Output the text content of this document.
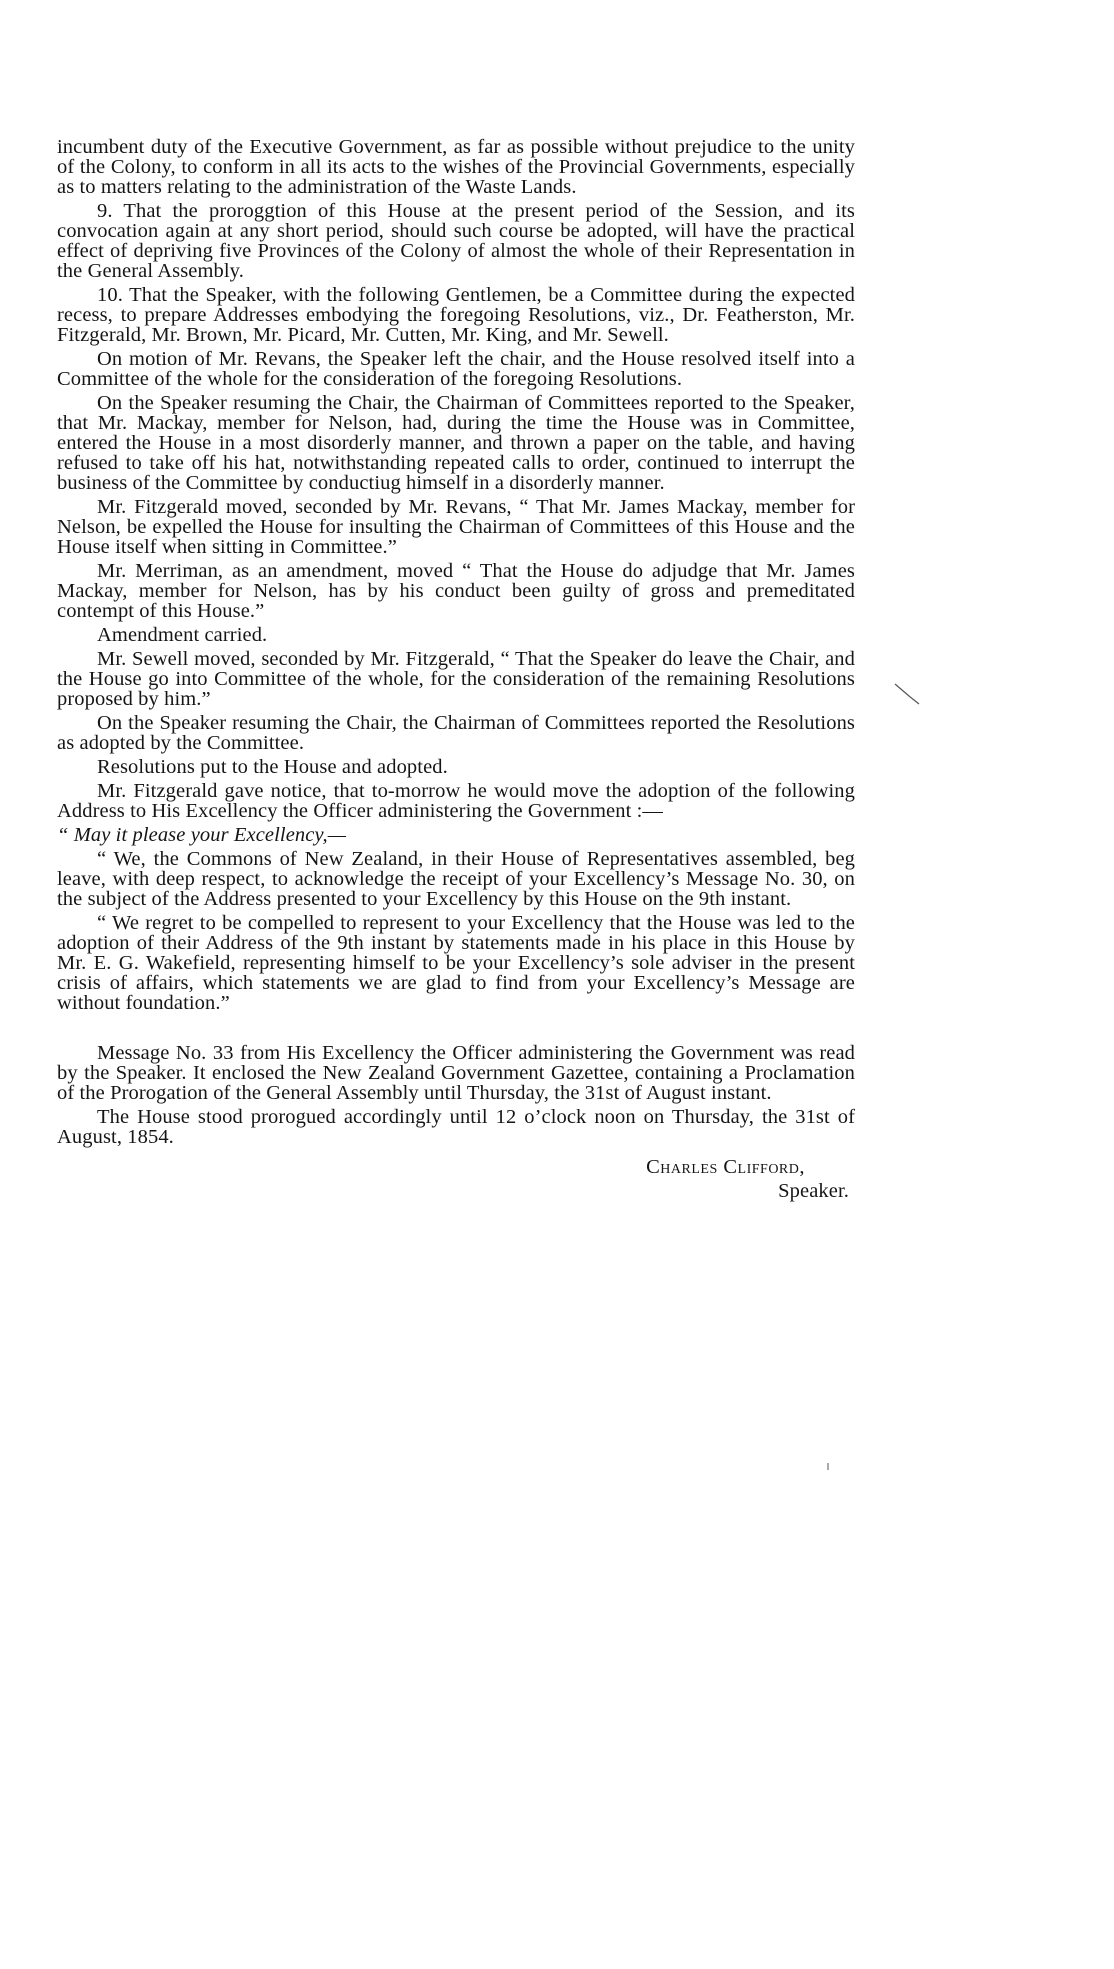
incumbent duty of the Executive Government, as far as possible without prejudice to the unity of the Colony, to conform in all its acts to the wishes of the Provincial Governments, especially as to matters relating to the administration of the Waste Lands.

9. That the proroggtion of this House at the present period of the Session, and its convocation again at any short period, should such course be adopted, will have the practical effect of depriving five Provinces of the Colony of almost the whole of their Representation in the General Assembly.

10. That the Speaker, with the following Gentlemen, be a Committee during the expected recess, to prepare Addresses embodying the foregoing Resolutions, viz., Dr. Featherston, Mr. Fitzgerald, Mr. Brown, Mr. Picard, Mr. Cutten, Mr. King, and Mr. Sewell.

On motion of Mr. Revans, the Speaker left the chair, and the House resolved itself into a Committee of the whole for the consideration of the foregoing Resolutions.

On the Speaker resuming the Chair, the Chairman of Committees reported to the Speaker, that Mr. Mackay, member for Nelson, had, during the time the House was in Committee, entered the House in a most disorderly manner, and thrown a paper on the table, and having refused to take off his hat, notwithstanding repeated calls to order, continued to interrupt the business of the Committee by conductiug himself in a disorderly manner.

Mr. Fitzgerald moved, seconded by Mr. Revans, “ That Mr. James Mackay, member for Nelson, be expelled the House for insulting the Chairman of Committees of this House and the House itself when sitting in Committee.”

Mr. Merriman, as an amendment, moved “ That the House do adjudge that Mr. James Mackay, member for Nelson, has by his conduct been guilty of gross and premeditated contempt of this House.”

Amendment carried.

Mr. Sewell moved, seconded by Mr. Fitzgerald, “ That the Speaker do leave the Chair, and the House go into Committee of the whole, for the consideration of the remaining Resolutions proposed by him.”

On the Speaker resuming the Chair, the Chairman of Committees reported the Resolutions as adopted by the Committee.

Resolutions put to the House and adopted.

Mr. Fitzgerald gave notice, that to-morrow he would move the adoption of the following Address to His Excellency the Officer administering the Government :—

“ May it please your Excellency,—

“ We, the Commons of New Zealand, in their House of Representatives assembled, beg leave, with deep respect, to acknowledge the receipt of your Excellency’s Message No. 30, on the subject of the Address presented to your Excellency by this House on the 9th instant.

“ We regret to be compelled to represent to your Excellency that the House was led to the adoption of their Address of the 9th instant by statements made in his place in this House by Mr. E. G. Wakefield, representing himself to be your Excellency’s sole adviser in the present crisis of affairs, which statements we are glad to find from your Excellency’s Message are without foundation.”

Message No. 33 from His Excellency the Officer administering the Government was read by the Speaker. It enclosed the New Zealand Government Gazettee, containing a Proclamation of the Prorogation of the General Assembly until Thursday, the 31st of August instant.

The House stood prorogued accordingly until 12 o’clock noon on Thursday, the 31st of August, 1854.

Charles Clifford,
Speaker.
